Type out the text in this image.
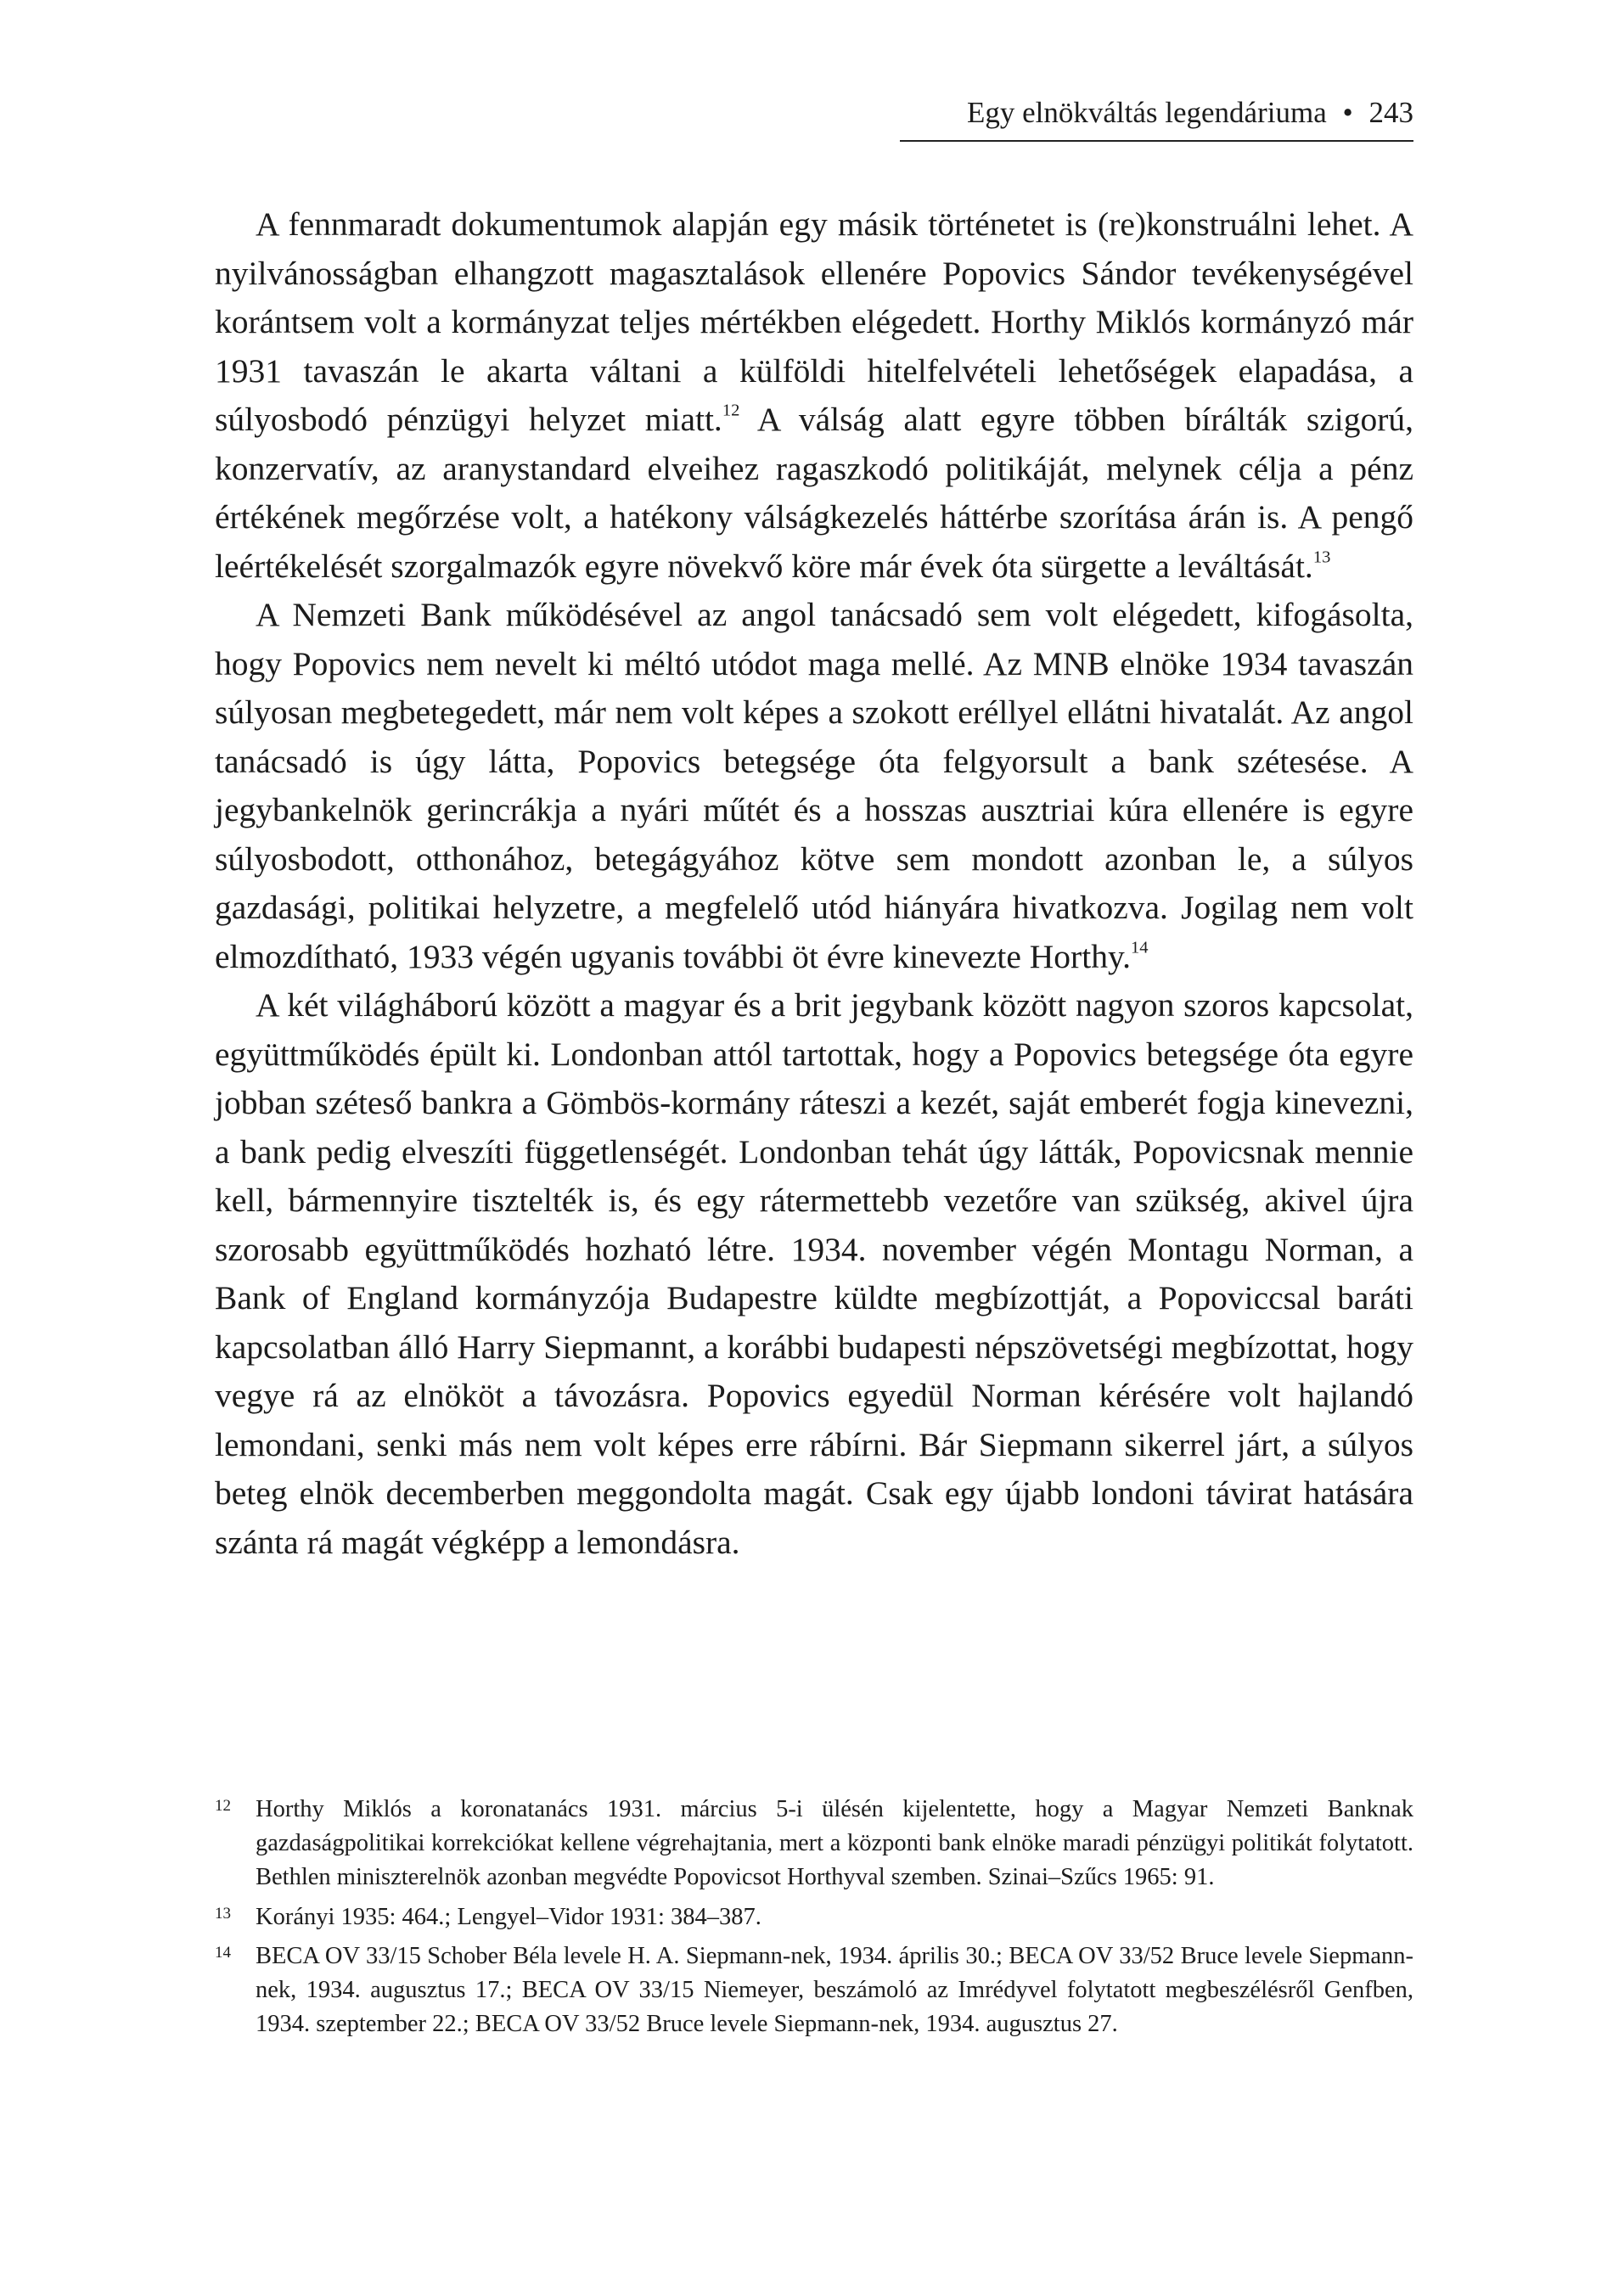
Egy elnökváltás legendáriuma • 243

A fennmaradt dokumentumok alapján egy másik történetet is (re)konstruálni lehet. A nyilvánosságban elhangzott magasztalások ellenére Popovics Sándor tevékenységével korántsem volt a kormányzat teljes mértékben elégedett. Horthy Miklós kormányzó már 1931 tavaszán le akarta váltani a külföldi hitelfelvételi lehetőségek elapadása, a súlyosbodó pénzügyi helyzet miatt.$^{12}$ A válság alatt egyre többen bírálták szigorú, konzervatív, az aranystandard elveihez ragaszkodó politikáját, melynek célja a pénz értékének megőrzése volt, a hatékony válságkezelés háttérbe szorítása árán is. A pengő leértékelését szorgalmazók egyre növekvő köre már évek óta sürgette a leváltását.$^{13}$

A Nemzeti Bank működésével az angol tanácsadó sem volt elégedett, kifogásolta, hogy Popovics nem nevelt ki méltó utódot maga mellé. Az MNB elnöke 1934 tavaszán súlyosan megbetegedett, már nem volt képes a szokott eréllyel ellátni hivatalát. Az angol tanácsadó is úgy látta, Popovics betegsége óta felgyorsult a bank szétesése. A jegybankelnök gerincrákja a nyári műtét és a hosszas ausztriai kúra ellenére is egyre súlyosbodott, otthonához, betegágyához kötve sem mondott azonban le, a súlyos gazdasági, politikai helyzetre, a megfelelő utód hiányára hivatkozva. Jogilag nem volt elmozdítható, 1933 végén ugyanis további öt évre kinevezte Horthy.$^{14}$

A két világháború között a magyar és a brit jegybank között nagyon szoros kapcsolat, együttműködés épült ki. Londonban attól tartottak, hogy a Popovics betegsége óta egyre jobban széteső bankra a Gömbös-kormány ráteszi a kezét, saját emberét fogja kinevezni, a bank pedig elveszíti függetlenségét. Londonban tehát úgy látták, Popovicsnak mennie kell, bármennyire tisztelték is, és egy rátermettebb vezetőre van szükség, akivel újra szorosabb együttműködés hozható létre. 1934. november végén Montagu Norman, a Bank of England kormányzója Budapestre küldte megbízottját, a Popoviccsal baráti kapcsolatban álló Harry Siepmannt, a korábbi budapesti népszövetségi megbízottat, hogy vegye rá az elnököt a távozásra. Popovics egyedül Norman kérésére volt hajlandó lemondani, senki más nem volt képes erre rábírni. Bár Siepmann sikerrel járt, a súlyos beteg elnök decemberben meggondolta magát. Csak egy újabb londoni távirat hatására szánta rá magát végképp a lemondásra.

12 Horthy Miklós a koronatanács 1931. március 5-i ülésén kijelentette, hogy a Magyar Nemzeti Banknak gazdaságpolitikai korrekciókat kellene végrehajtania, mert a központi bank elnöke maradi pénzügyi politikát folytatott. Bethlen miniszterelnök azonban megvédte Popovicsot Horthyval szemben. Szinai–Szűcs 1965: 91.
13 Korányi 1935: 464.; Lengyel–Vidor 1931: 384–387.
14 BECA OV 33/15 Schober Béla levele H. A. Siepmann-nek, 1934. április 30.; BECA OV 33/52 Bruce levele Siepmann-nek, 1934. augusztus 17.; BECA OV 33/15 Niemeyer, beszámoló az Imrédyvel folytatott megbeszélésről Genfben, 1934. szeptember 22.; BECA OV 33/52 Bruce levele Siepmann-nek, 1934. augusztus 27.
